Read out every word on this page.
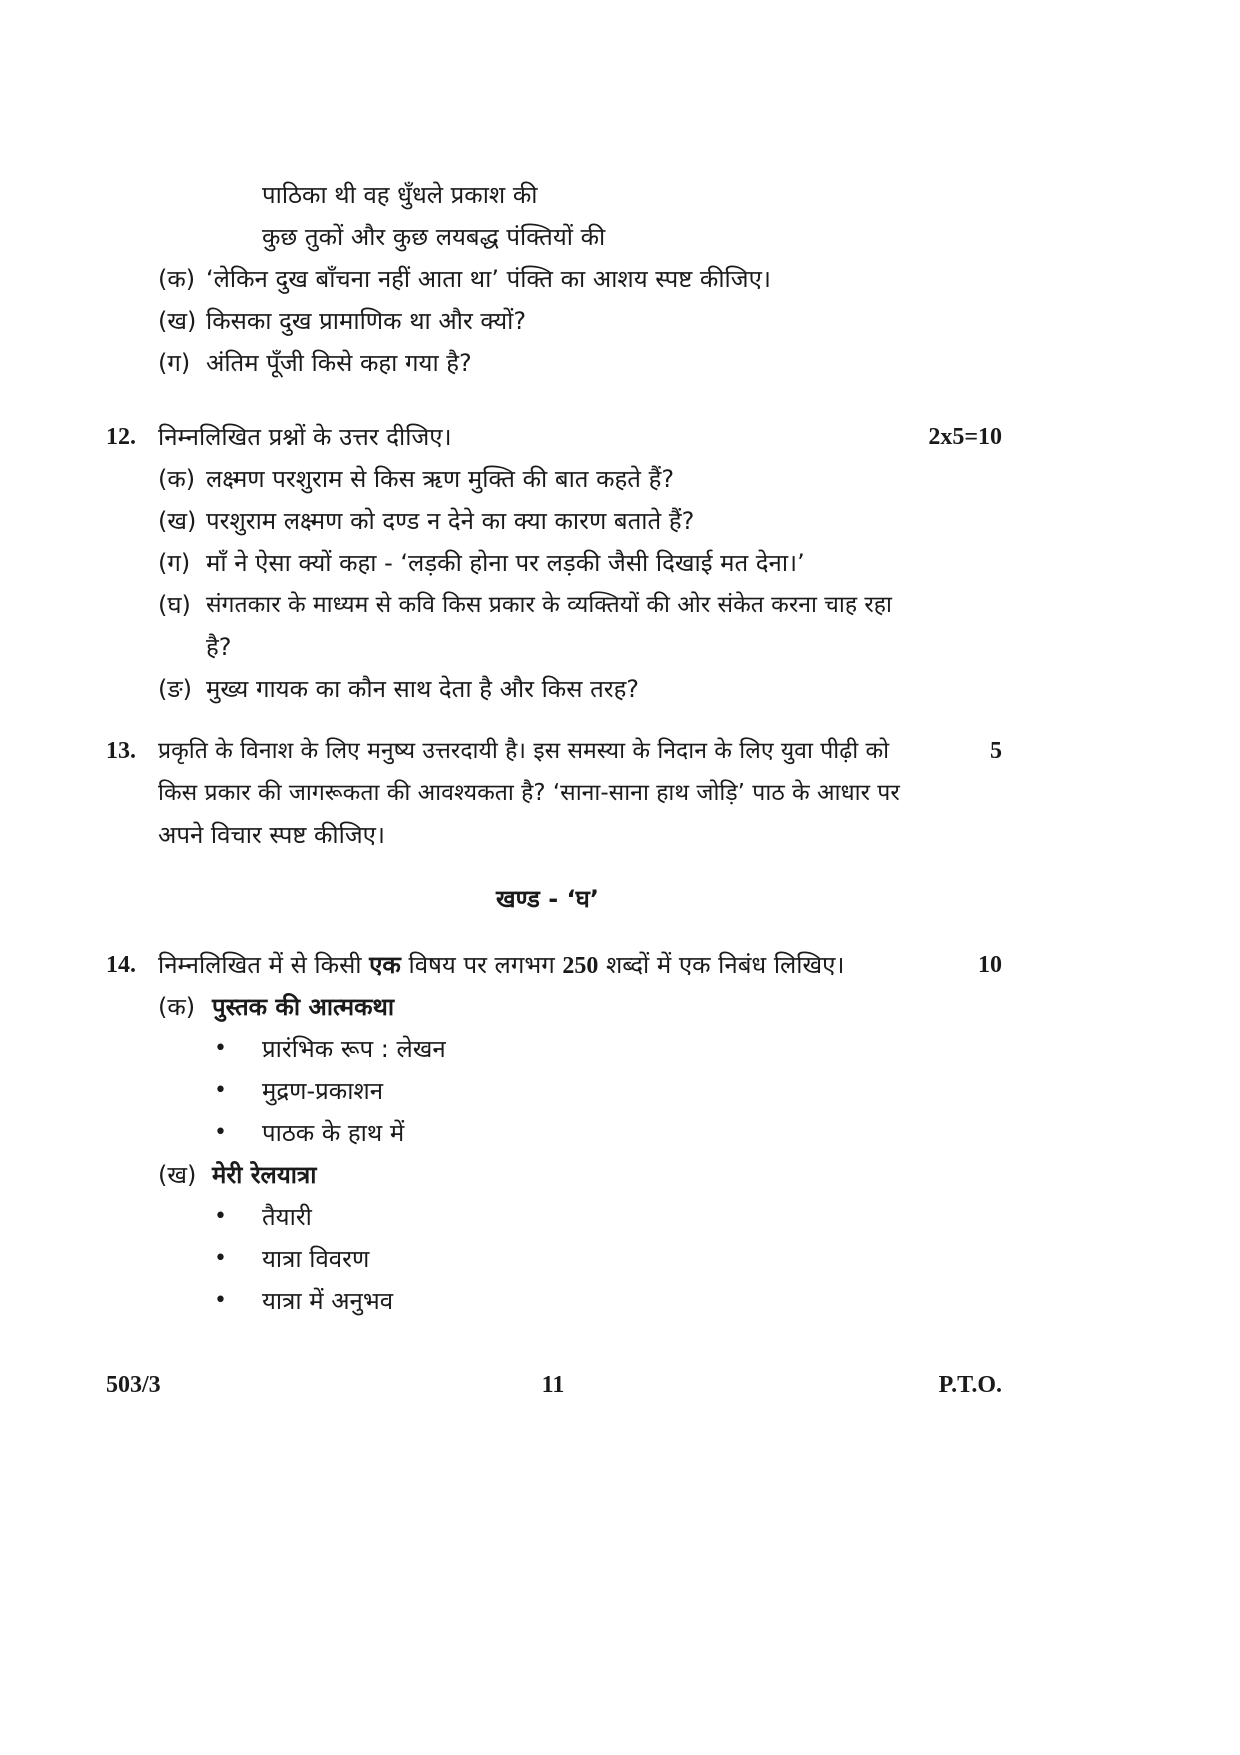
पाठिका थी वह धुँधले प्रकाश की
कुछ तुकों और कुछ लयबद्ध पंक्तियों की
(क) ‘लेकिन दुख बाँचना नहीं आता था’ पंक्ति का आशय स्पष्ट कीजिए।
(ख) किसका दुख प्रामाणिक था और क्यों?
(ग) अंतिम पूँजी किसे कहा गया है?
12. निम्नलिखित प्रश्नों के उत्तर दीजिए।	2x5=10
(क) लक्ष्मण परशुराम से किस ऋण मुक्ति की बात कहते हैं?
(ख) परशुराम लक्ष्मण को दण्ड न देने का क्या कारण बताते हैं?
(ग) माँ ने ऐसा क्यों कहा - ‘लड़की होना पर लड़की जैसी दिखाई मत देना।’
(घ) संगतकार के माध्यम से कवि किस प्रकार के व्यक्तियों की ओर संकेत करना चाह रहा
है?
(ङ) मुख्य गायक का कौन साथ देता है और किस तरह?
13. प्रकृति के विनाश के लिए मनुष्य उत्तरदायी है। इस समस्या के निदान के लिए युवा पीढ़ी को	5
किस प्रकार की जागरूकता की आवश्यकता है? ‘साना-साना हाथ जोड़ि’ पाठ के आधार पर
अपने विचार स्पष्ट कीजिए।
खण्ड - ‘घ’
14. निम्नलिखित में से किसी एक विषय पर लगभग 250 शब्दों में एक निबंध लिखिए।	10
(क) पुस्तक की आत्मकथा
• प्रारंभिक रूप : लेखन
• मुद्रण-प्रकाशन
• पाठक के हाथ में
(ख) मेरी रेलयात्रा
• तैयारी
• यात्रा विवरण
• यात्रा में अनुभव
503/3	11	P.T.O.
